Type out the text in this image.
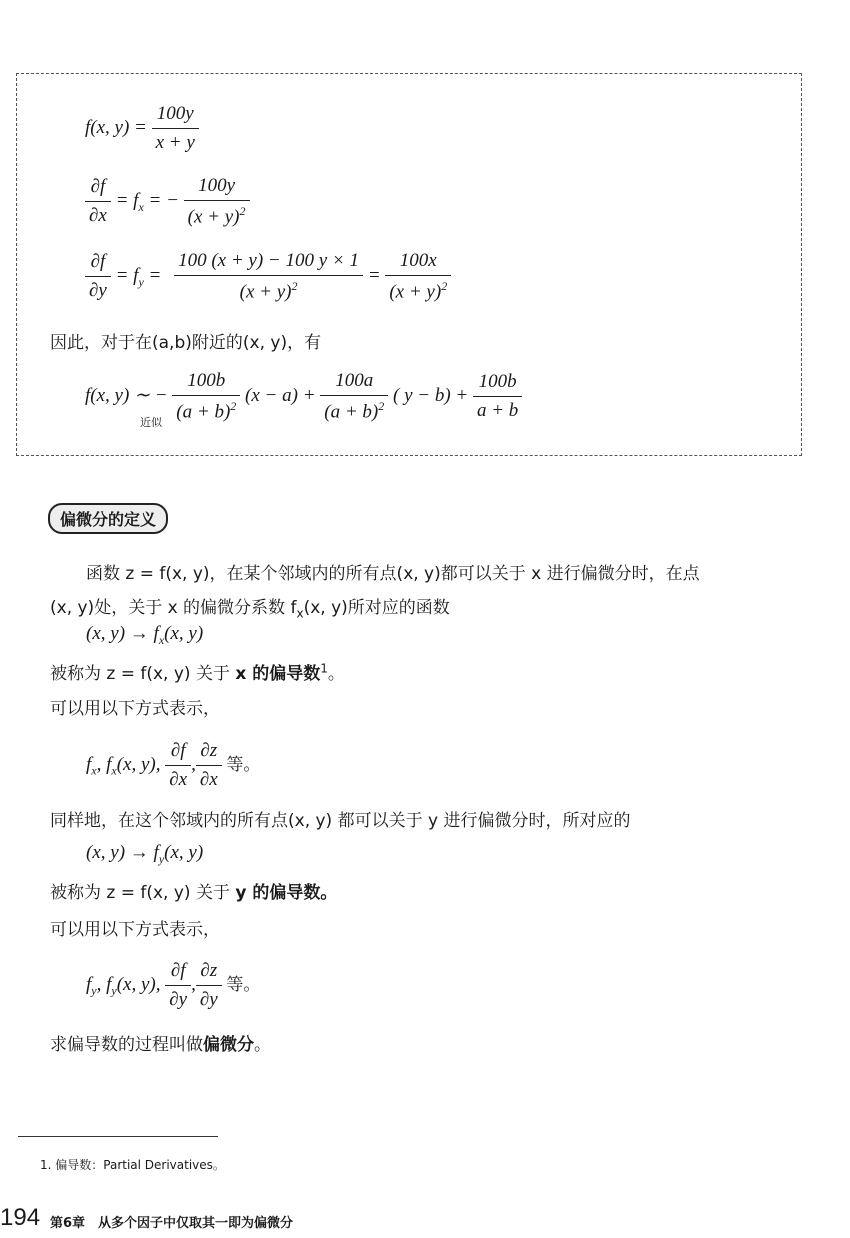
f(x, $y) = \frac{100y}{x + y}$
$\frac{\partial f}{\partial x} = f_x$ = − $\frac{100y}{(x + y)^2}$
$\frac{\partial f}{\partial y} = f_y = \frac{100 (x + y) - 100 y \times 1}{(x + y)^2} = \frac{100x}{(x + y)^2}$
因此，对于在(a,b)附近的(x, y)，有
f(x, y) ∼ − $\frac{100b}{(a + b)^2} (x - a) + \frac{100a}{(a + b)^2}$ ( $y - b) + \frac{100b}{a + b}$
近似
偏微分的定义
函数 z = f(x, y)，在某个邻域内的所有点(x, y)都可以关于 x 进行偏微分时，在点
(x, y)处，关于 x 的偏微分系数 $f_x(x$, y)所对应的函数
(x, $y) \to f_x(x$, y)
被称为 z = f(x, y) 关于 x 的偏导数$^1$。
可以用以下方式表示，
$f_x$, $f_x(x$, y), $\frac{\partial f}{\partial x}$ , $\frac{\partial z}{\partial x}$ 等。
同样地，在这个邻域内的所有点(x, y) 都可以关于 y 进行偏微分时，所对应的
(x, $y) \to f_y(x$, y)
被称为 z = f(x, y) 关于 y 的偏导数。
可以用以下方式表示，
$f_y$, $f_y(x$, y), $\frac{\partial f}{\partial y}$ , $\frac{\partial z}{\partial y}$ 等。
求偏导数的过程叫做偏微分。
1. 偏导数：Partial Derivatives。
194 第6章　从多个因子中仅取其一即为偏微分
